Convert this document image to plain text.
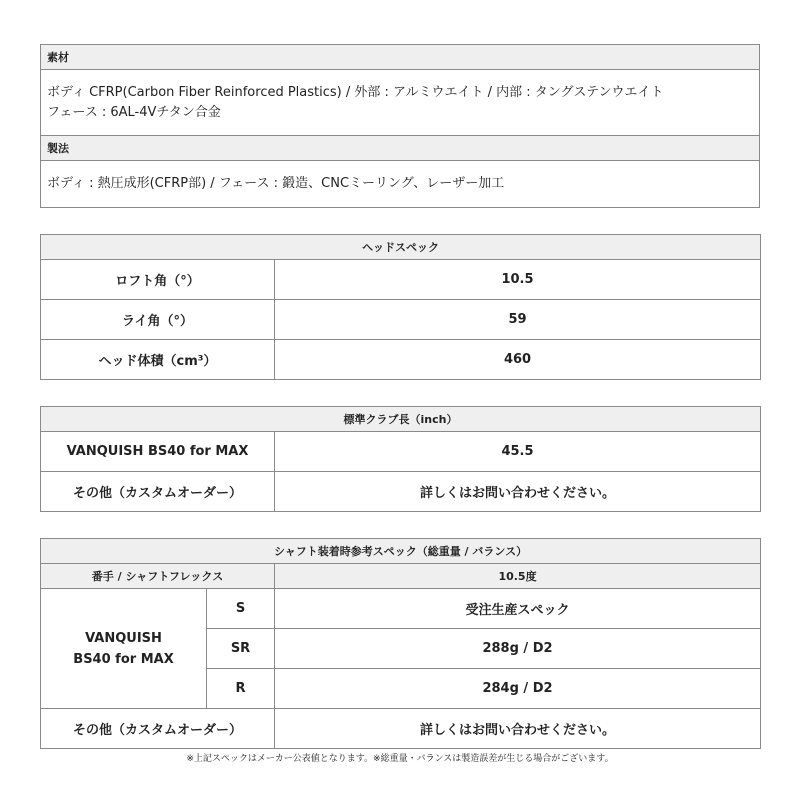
素材

ボディ CFRP(Carbon Fiber Reinforced Plastics) / 外部 : アルミウエイト / 内部 : タングステンウエイト
フェース : 6AL-4Vチタン合金

製法
ボディ : 熱圧成形(CFRP部) / フェース : 鍛造、CNCミーリング、レーザー加工
ヘッドスペック	
ロフト角（°）	10.5
ライ角（°）	59
ヘッド体積（cm³）	460
標準クラブ長（inch）	
VANQUISH BS40 for MAX	45.5
その他（カスタムオーダー）	詳しくはお問い合わせください。
シャフト装着時参考スペック（総重量 / バランス）		
番手 / シャフトフレックス		10.5度

VANQUISH
BS40 for MAX	S	受注生産スペック
	SR	288g / D2
	R	284g / D2
その他（カスタムオーダー）		詳しくはお問い合わせください。
※上記スペックはメーカー公表値となります。※総重量・バランスは製造誤差が生じる場合がございます。
